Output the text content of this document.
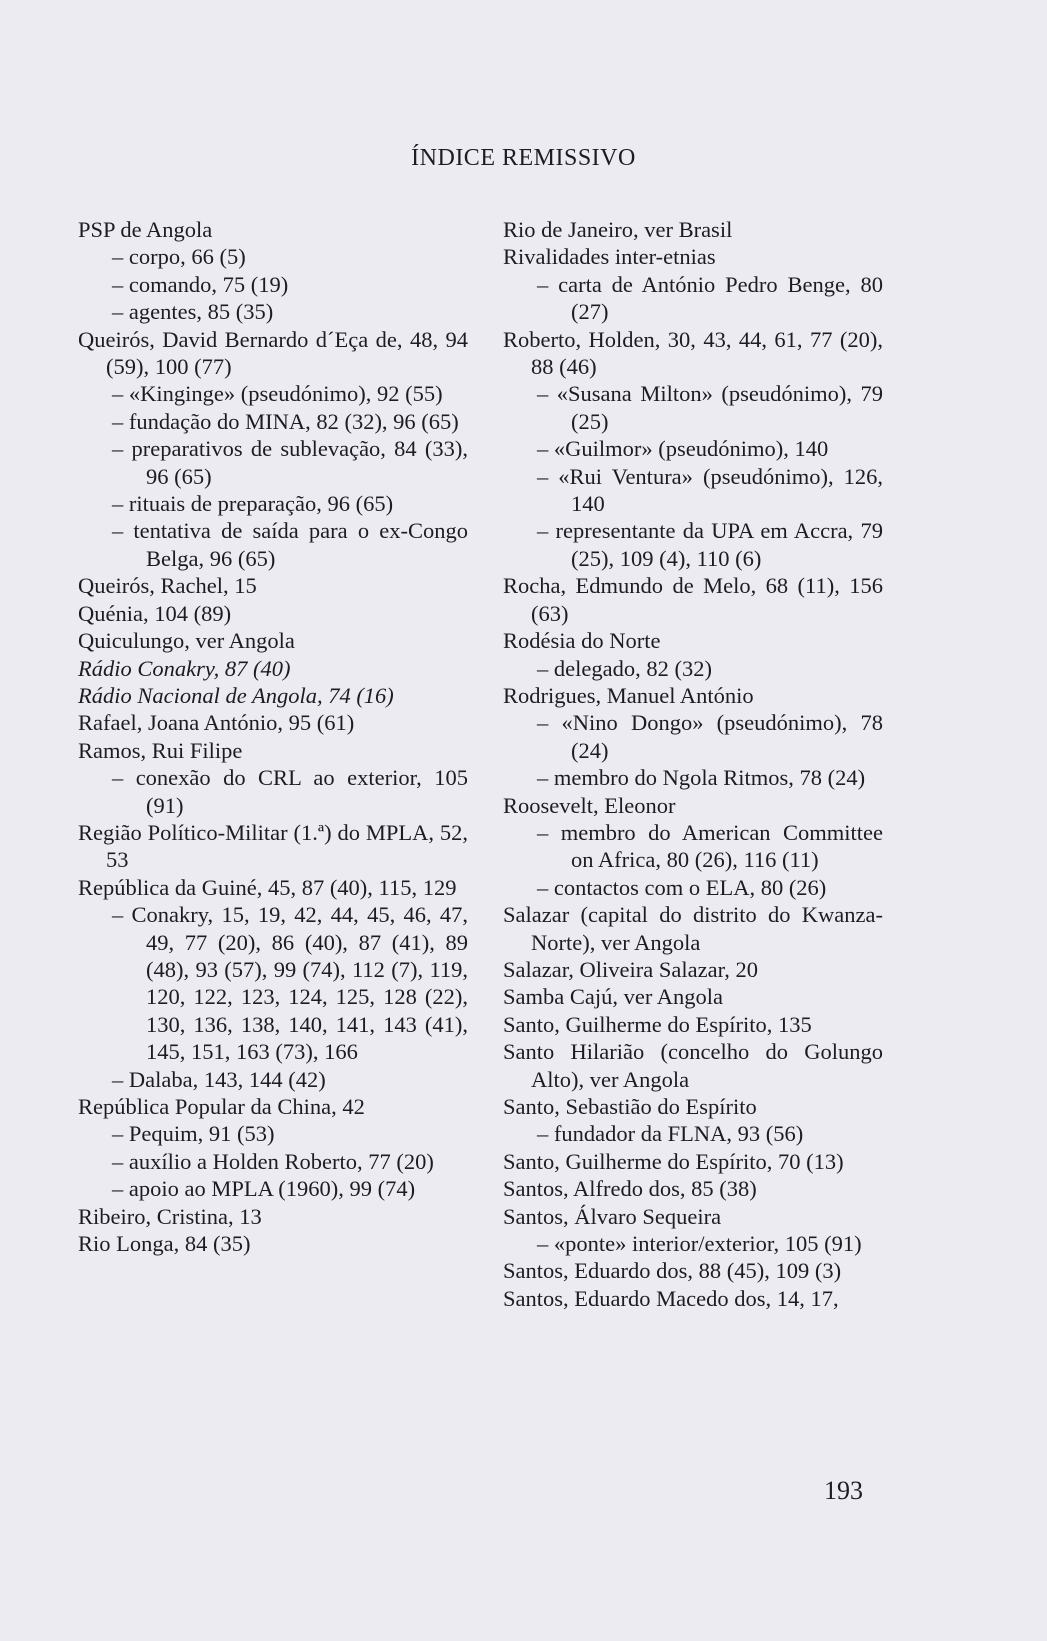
ÍNDICE REMISSIVO
PSP de Angola
– corpo, 66 (5)
– comando, 75 (19)
– agentes, 85 (35)
Queirós, David Bernardo d´Eça de, 48, 94 (59), 100 (77)
– «Kinginge» (pseudónimo), 92 (55)
– fundação do MINA, 82 (32), 96 (65)
– preparativos de sublevação, 84 (33), 96 (65)
– rituais de preparação, 96 (65)
– tentativa de saída para o ex-Congo Belga, 96 (65)
Queirós, Rachel, 15
Quénia, 104 (89)
Quiculungo, ver Angola
Rádio Conakry, 87 (40)
Rádio Nacional de Angola, 74 (16)
Rafael, Joana António, 95 (61)
Ramos, Rui Filipe
– conexão do CRL ao exterior, 105 (91)
Região Político-Militar (1.ª) do MPLA, 52, 53
República da Guiné, 45, 87 (40), 115, 129
– Conakry, 15, 19, 42, 44, 45, 46, 47, 49, 77 (20), 86 (40), 87 (41), 89 (48), 93 (57), 99 (74), 112 (7), 119, 120, 122, 123, 124, 125, 128 (22), 130, 136, 138, 140, 141, 143 (41), 145, 151, 163 (73), 166
– Dalaba, 143, 144 (42)
República Popular da China, 42
– Pequim, 91 (53)
– auxílio a Holden Roberto, 77 (20)
– apoio ao MPLA (1960), 99 (74)
Ribeiro, Cristina, 13
Rio Longa, 84 (35)
Rio de Janeiro, ver Brasil
Rivalidades inter-etnias
– carta de António Pedro Benge, 80 (27)
Roberto, Holden, 30, 43, 44, 61, 77 (20), 88 (46)
– «Susana Milton» (pseudónimo), 79 (25)
– «Guilmor» (pseudónimo), 140
– «Rui Ventura» (pseudónimo), 126, 140
– representante da UPA em Accra, 79 (25), 109 (4), 110 (6)
Rocha, Edmundo de Melo, 68 (11), 156 (63)
Rodésia do Norte
– delegado, 82 (32)
Rodrigues, Manuel António
– «Nino Dongo» (pseudónimo), 78 (24)
– membro do Ngola Ritmos, 78 (24)
Roosevelt, Eleonor
– membro do American Committee on Africa, 80 (26), 116 (11)
– contactos com o ELA, 80 (26)
Salazar (capital do distrito do Kwanza-Norte), ver Angola
Salazar, Oliveira Salazar, 20
Samba Cajú, ver Angola
Santo, Guilherme do Espírito, 135
Santo Hilarião (concelho do Golungo Alto), ver Angola
Santo, Sebastião do Espírito
– fundador da FLNA, 93 (56)
Santo, Guilherme do Espírito, 70 (13)
Santos, Alfredo dos, 85 (38)
Santos, Álvaro Sequeira
– «ponte» interior/exterior, 105 (91)
Santos, Eduardo dos, 88 (45), 109 (3)
Santos, Eduardo Macedo dos, 14, 17,
193
